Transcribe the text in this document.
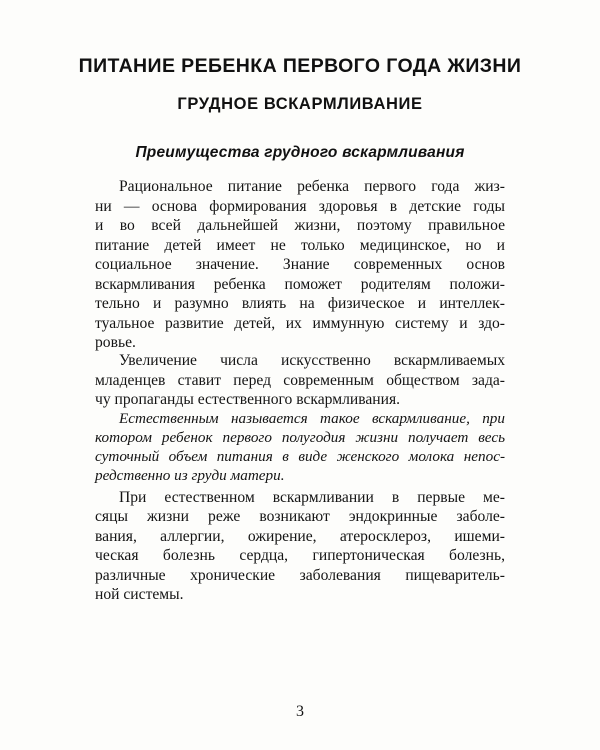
ПИТАНИЕ РЕБЕНКА ПЕРВОГО ГОДА ЖИЗНИ
ГРУДНОЕ ВСКАРМЛИВАНИЕ
Преимущества грудного вскармливания

Рациональное питание ребенка первого года жиз-

ни — основа формирования здоровья в детские годы

и во всей дальнейшей жизни, поэтому правильное

питание детей имеет не только медицинское, но и

социальное значение. Знание современных основ

вскармливания ребенка поможет родителям положи-

тельно и разумно влиять на физическое и интеллек-

туальное развитие детей, их иммунную систему и здо-

ровье.

Увеличение числа искусственно вскармливаемых

младенцев ставит перед современным обществом зада-

чу пропаганды естественного вскармливания.

Естественным называется такое вскармливание, при

котором ребенок первого полугодия жизни получает весь

суточный объем питания в виде женского молока непос-

редственно из груди матери.

При естественном вскармливании в первые ме-

сяцы жизни реже возникают эндокринные заболе-

вания, аллергии, ожирение, атеросклероз, ишеми-

ческая болезнь сердца, гипертоническая болезнь,

различные хронические заболевания пищеваритель-

ной системы.

3
